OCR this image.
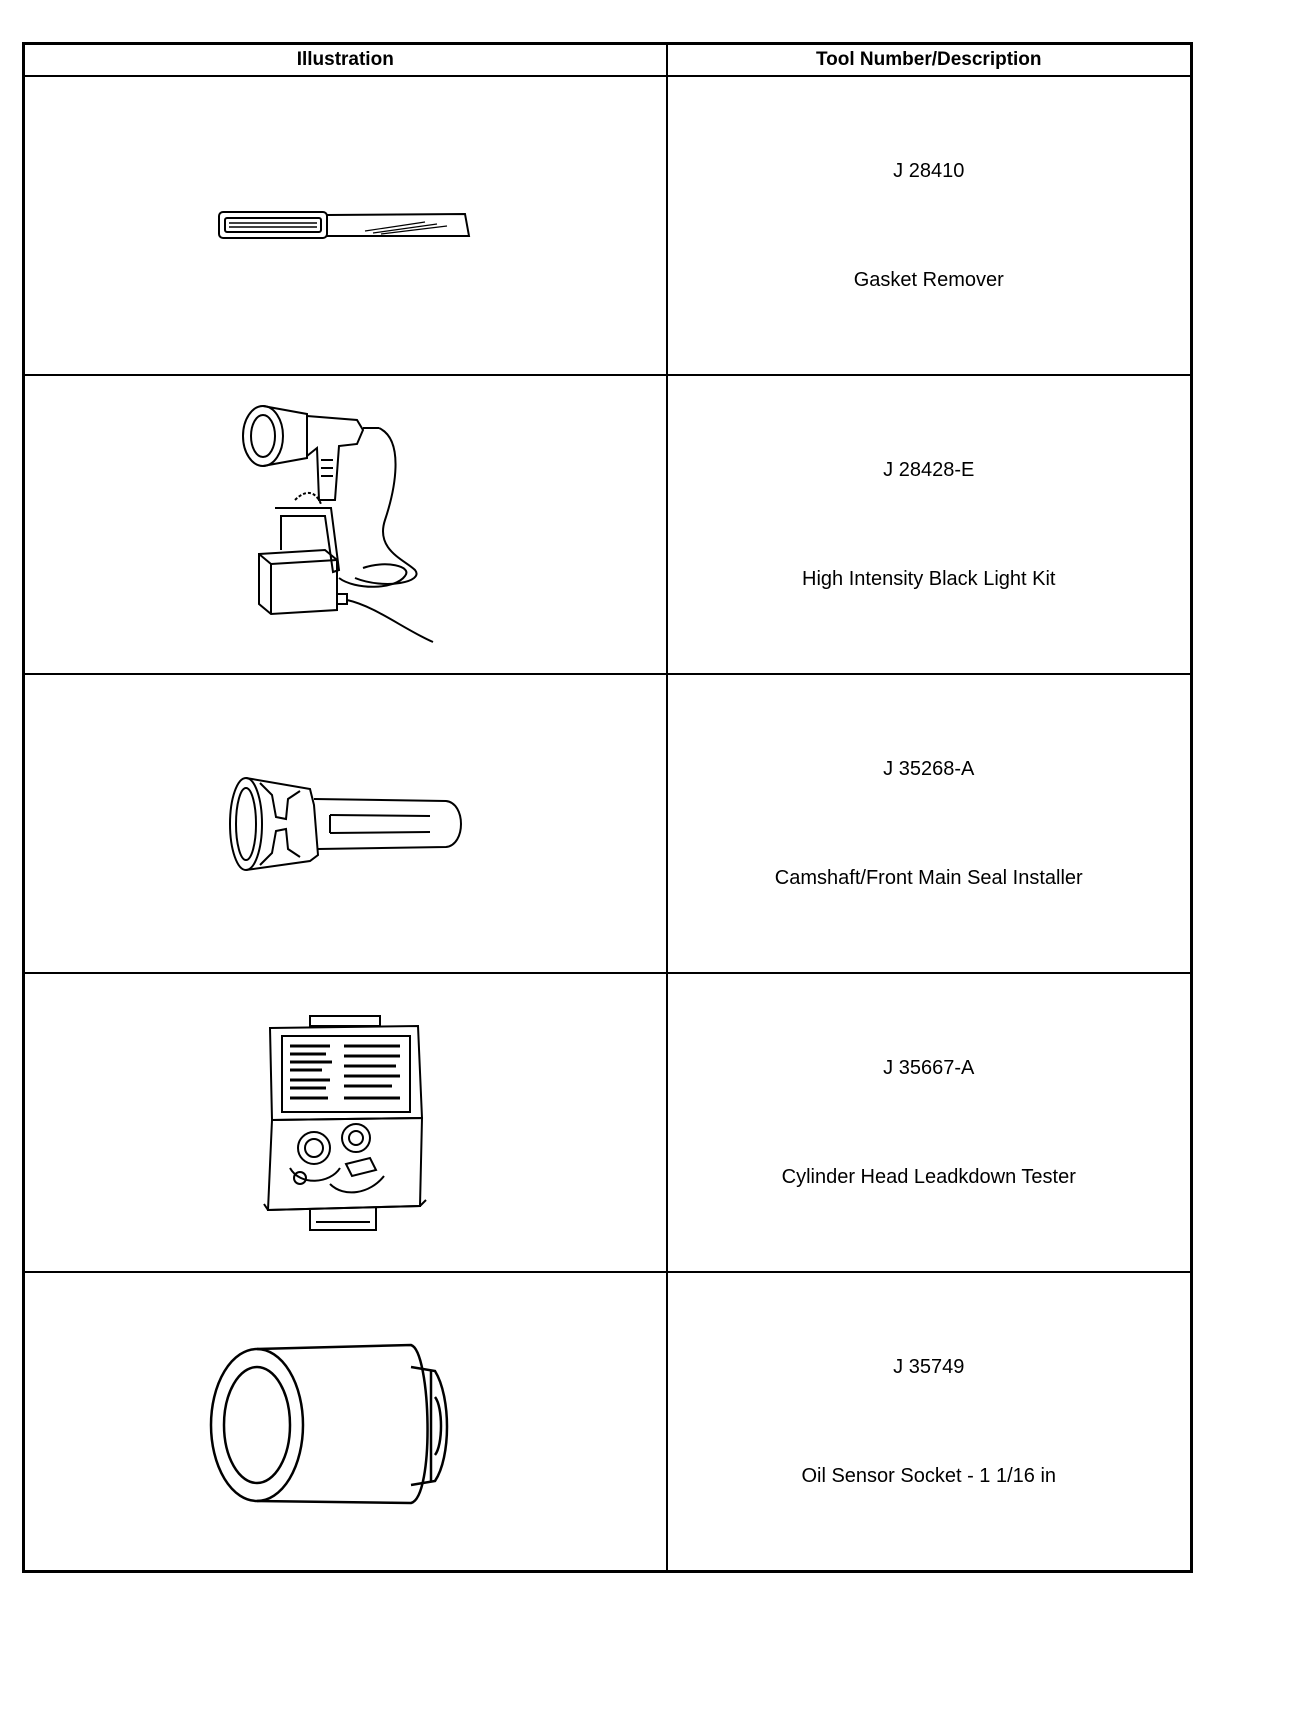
Illustration	Tool Number/Description

J 28410
Gasket Remover

J 28428-E
High Intensity Black Light Kit

J 35268-A
Camshaft/Front Main Seal Installer

J 35667-A
Cylinder Head Leadkdown Tester

J 35749
Oil Sensor Socket - 1 1/16 in
